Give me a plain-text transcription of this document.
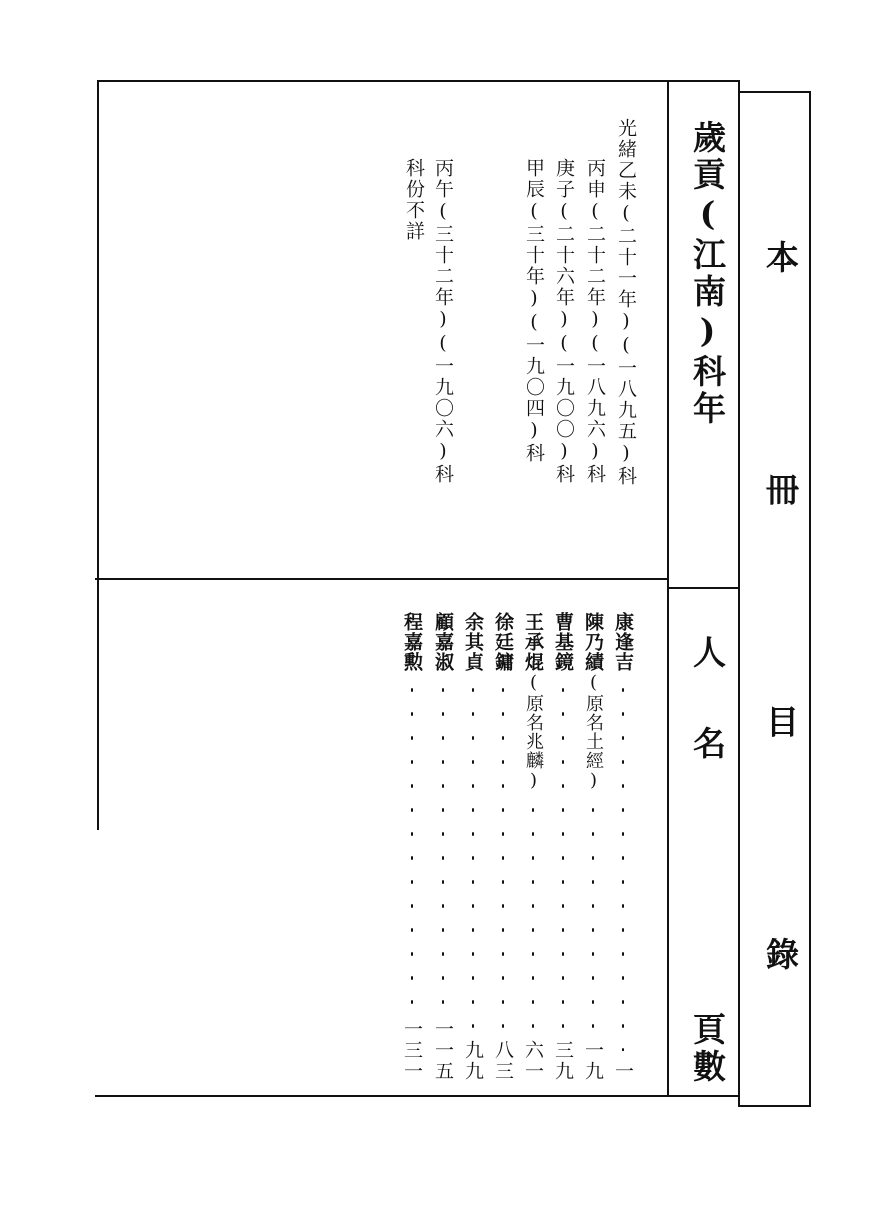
本冊目錄
歲貢(江南)科年
人名
頁數
光緒乙未(二十一年)(一八九五)科
丙申(二十二年)(一八九六)科
庚子(二十六年)(一九〇〇)科
甲辰(三十年)(一九〇四)科
丙午(三十二年)(一九〇六)科
科份不詳
康逢吉
一
陳乃績
(原名土經)
一九
曹基鏡
三九
王承焜
(原名兆麟)
六一
徐廷鏞
八三
余其貞
九九
顧嘉淑
一一五
程嘉勲
一三一
